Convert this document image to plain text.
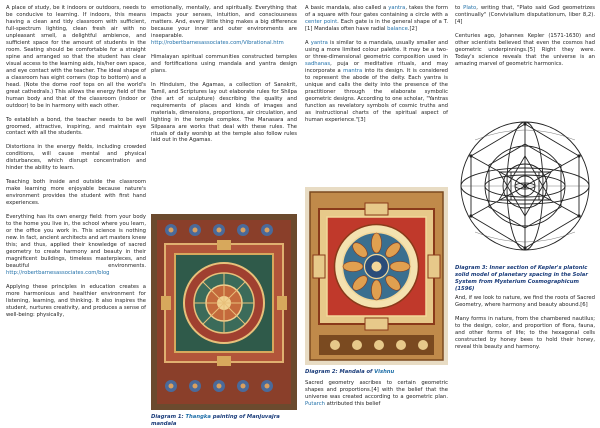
A place of study, be it indoors or outdoors, needs to be conducive to learning. If indoors, this means having a clean and tidy classroom with sufficient, full-spectrum lighting, clean fresh air with no unpleasant smell, a delightful ambience, and sufficient space for the amount of students in the room. Seating should be comfortable for a straight spine and arranged so that the student has clear visual access to the learning aids, his/her own space, and eye contact with the teacher. The ideal shape of a classroom has eight corners (top to bottom) and a head. (Note the dome roof tops on all the world's great cathedrals.) This allows the energy field of the human body and that of the classroom (indoor or outdoor) to be in harmony with each other.

To establish a bond, the teacher needs to be well groomed, attractive, inspiring, and maintain eye contact with all the students.

Distortions in the energy fields, including crowded conditions, will cause mental and physical disturbances, which disrupt concentration and hinder the ability to learn.

Teaching both inside and outside the classroom make learning more enjoyable because nature's environment provides the student with first hand experiences.

Everything has its own energy field: from your body to the home you live in, the school where you learn, or the office you work in. This science is nothing new. In fact, ancient architects and art masters knew this; and thus, applied their knowledge of sacred geometry to create harmony and beauty in their magnificent buildings, timeless masterpieces, and beautiful environments. http://robertbarnesassociates.com/blog

Applying these principles in education creates a more harmonious and healthier environment for listening, learning, and thinking. It also inspires the student, nurtures creativity, and produces a sense of well-being: physically,

emotionally, mentally, and spiritually. Everything that impacts your senses, intuition, and consciousness matters. And, every little thing makes a big difference because your inner and outer environments are inseparable. http://robertbarnesassociates.com/Vibrational.htm

Himalayan spiritual communities constructed temples and fortifications using mandala and yantra design plans.

In Hinduism, the Agamas, a collection of Sanskrit, Tamil, and Scriptures lay out elaborate rules for Shilpa (the art of sculpture) describing the quality and requirements of places and kinds of images and materials, dimensions, proportions, air circulation, and lighting in the temple complex. The Manasara and Silpasara are works that deal with these rules. The rituals of daily worship at the temple also follow rules laid out in the Agamas.

Diagram 1: Thangka painting of Manjuvajra mandala

A basic mandala, also called a yantra, takes the form of a square with four gates containing a circle with a center point. Each gate is in the general shape of a T.[1] Mandalas often have radial balance.[2]

A yantra is similar to a mandala, usually smaller and using a more limited colour palette. It may be a two- or three-dimensional geometric composition used in sadhanas, puja or meditative rituals, and may incorporate a mantra into its design. It is considered to represent the abode of the deity. Each yantra is unique and calls the deity into the presence of the practitioner through the elaborate symbolic geometric designs. According to one scholar, "Yantras function as revelatory symbols of cosmic truths and as instructional charts of the spiritual aspect of human experience."[3]

Diagram 2: Mandala of Vishnu

Sacred geometry ascribes to certain geometric shapes and proportions.[4] with the belief that the universe was created according to a geometric plan. Putarch attributed this belief

to Plato, writing that, "Plato said God geometrizes continually" (Convivialium disputationum, liber 8,2).[4]

Centuries ago, Johannes Kepler (1571-1630) and other scientists believed that even the cosmos had geometric underpinnings.[5] Right they were. Today's science reveals that the universe is an amazing marvel of geometric harmonics.

Diagram 3: Inner section of Kepler's platonic solid model of planetary spacing in the Solar System from Mysterium Cosmographicum (1596)

And, if we look to nature, we find the roots of Sacred Geometry, where harmony and beauty abound.[6]

Many forms in nature, from the chambered nautilus; to the design, color, and proportion of flora, fauna, and other forms of life; to the hexagonal cells constructed by honey bees to hold their honey, reveal this beauty and harmony.
